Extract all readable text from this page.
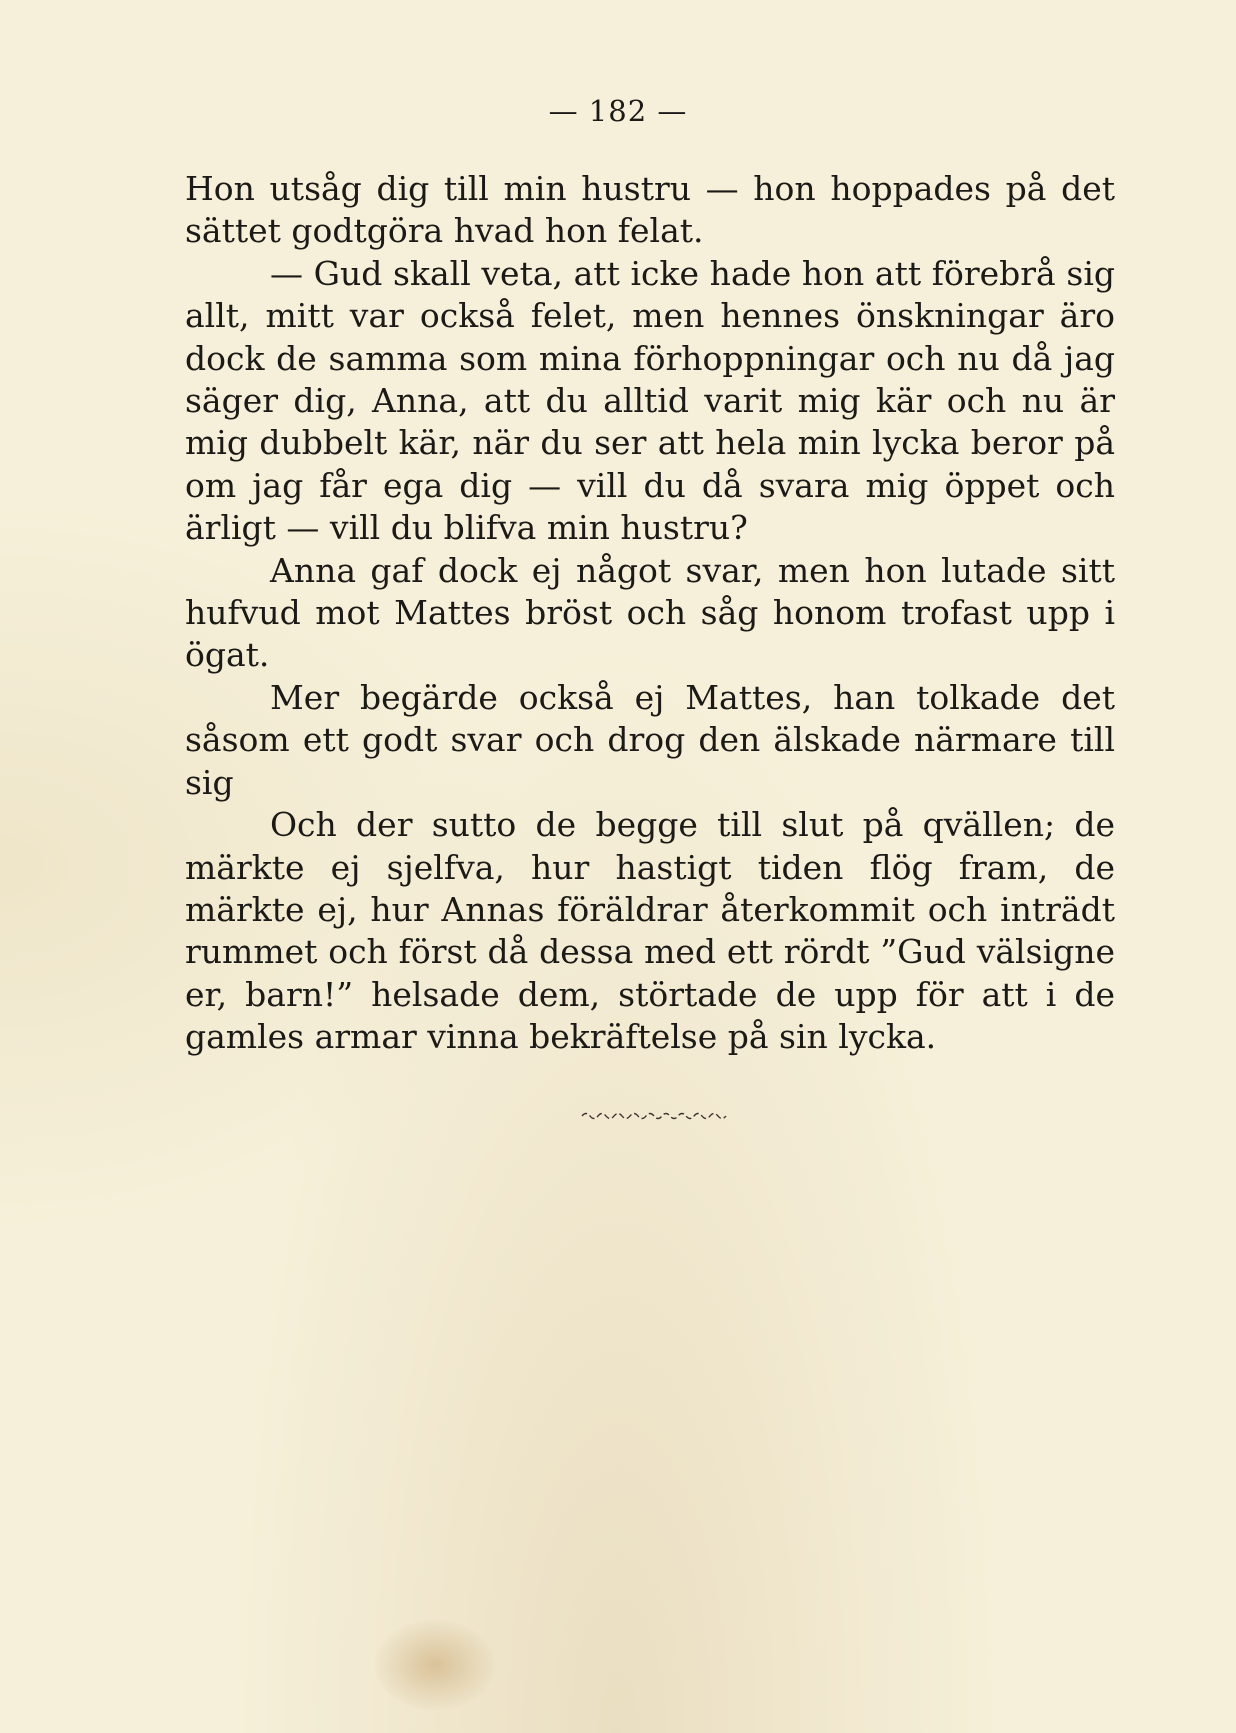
— 182 —

Hon utsåg dig till min hustru — hon hoppades på det sättet godtgöra hvad hon felat.

— Gud skall veta, att icke hade hon att förebrå sig allt, mitt var också felet, men hennes önskningar äro dock de samma som mina förhoppningar och nu då jag säger dig, Anna, att du alltid varit mig kär och nu är mig dubbelt kär, när du ser att hela min lycka beror på om jag får ega dig — vill du då svara mig öppet och ärligt — vill du blifva min hustru?

Anna gaf dock ej något svar, men hon lutade sitt hufvud mot Mattes bröst och såg honom trofast upp i ögat.

Mer begärde också ej Mattes, han tolkade det såsom ett godt svar och drog den älskade närmare till sig

Och der sutto de begge till slut på qvällen; de märkte ej sjelfva, hur hastigt tiden flög fram, de märkte ej, hur Annas föräldrar återkommit och inträdt rummet och först då dessa med ett rördt ”Gud välsigne er, barn!” helsade dem, störtade de upp för att i de gamles armar vinna bekräftelse på sin lycka.
